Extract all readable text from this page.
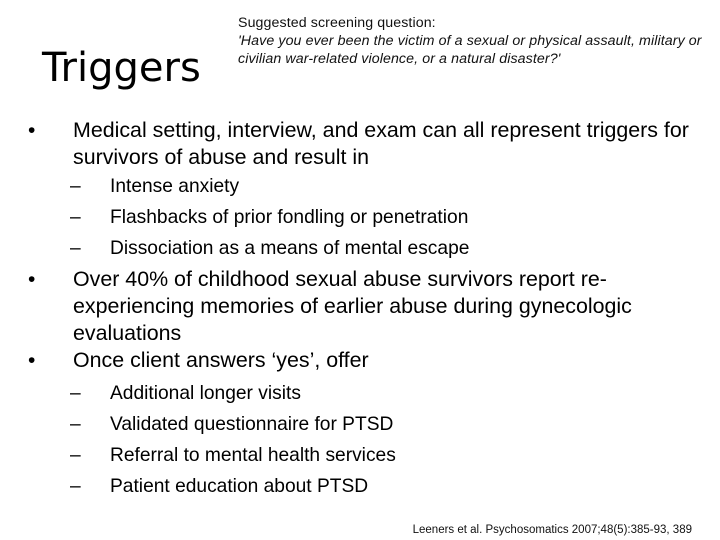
Triggers
Suggested screening question:
'Have you ever been the victim of a sexual or physical assault, military or civilian war-related violence, or a natural disaster?'
•	Medical setting, interview, and exam can all represent triggers for survivors of abuse and result in
– Intense anxiety
– Flashbacks of prior fondling or penetration
– Dissociation as a means of mental escape
•	Over 40% of childhood sexual abuse survivors report re-experiencing memories of earlier abuse during gynecologic evaluations
•	Once client answers ‘yes’, offer
– Additional longer visits
– Validated questionnaire for PTSD
– Referral to mental health services
– Patient education about PTSD
Leeners et al. Psychosomatics 2007;48(5):385-93, 389
